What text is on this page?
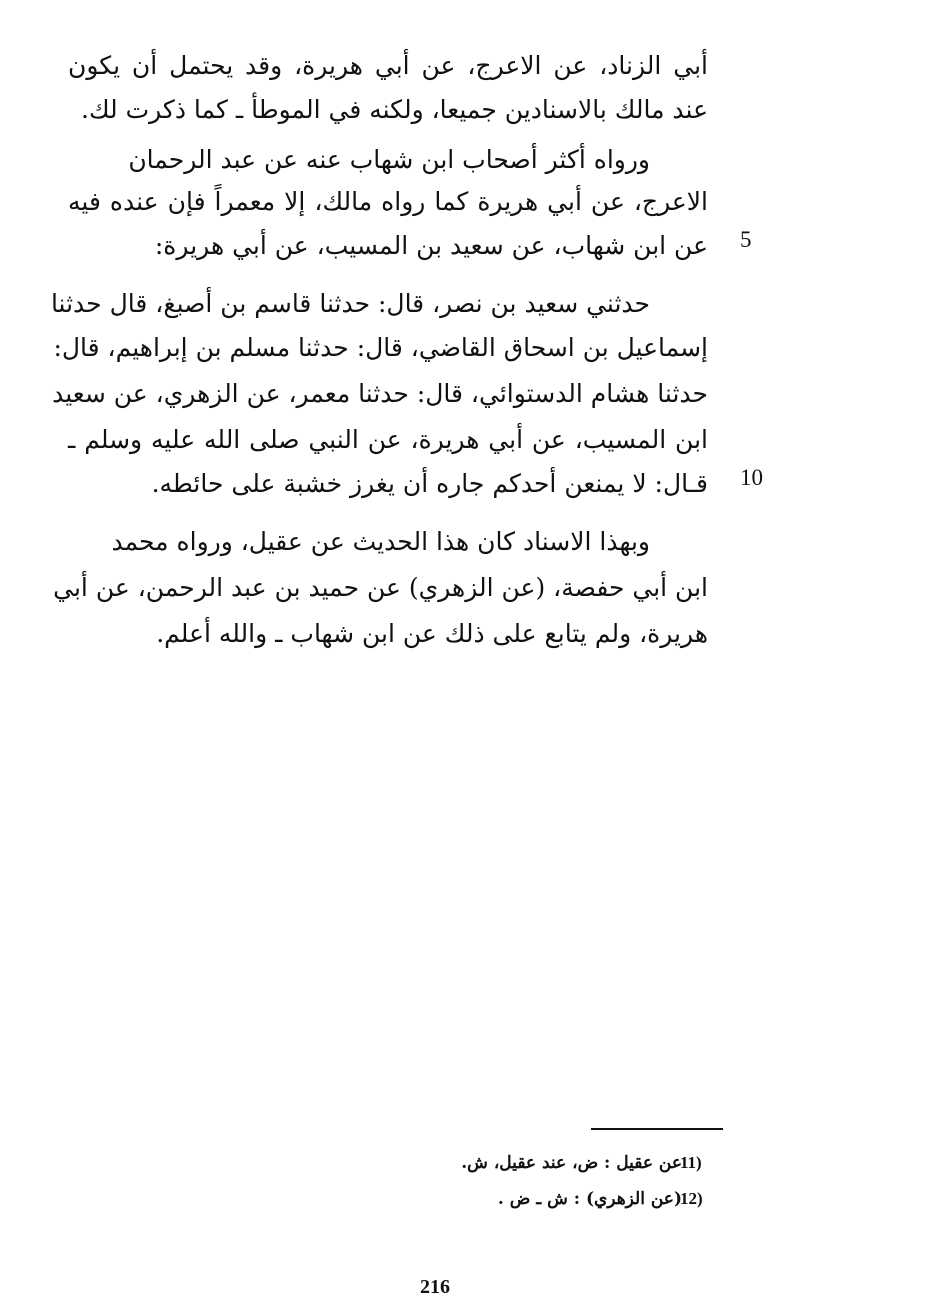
أبي الزناد، عن الاعرج، عن أبي هريرة، وقد يحتمل أن يكون
عند مالك بالاسنادين جميعا، ولكنه في الموطأ ـ كما ذكرت لك.
ورواه أكثر أصحاب ابن شهاب عنه عن عبد الرحمان
الاعرج، عن أبي هريرة كما رواه مالك، إلا معمراً فإن عنده فيه
عن ابن شهاب، عن سعيد بن المسيب، عن أبي هريرة: 5
حدثني سعيد بن نصر، قال: حدثنا قاسم بن أصبغ، قال حدثنا
إسماعيل بن اسحاق القاضي، قال: حدثنا مسلم بن إبراهيم، قال:
حدثنا هشام الدستوائي، قال: حدثنا معمر، عن الزهري، عن سعيد
ابن المسيب، عن أبي هريرة، عن النبي صلى الله عليه وسلم ـ
قـال: لا يمنعن أحدكم جاره أن يغرز خشبة على حائطه. 10
وبهذا الاسناد كان هذا الحديث عن عقيل، ورواه محمد
ابن أبي حفصة، (عن الزهري) عن حميد بن عبد الرحمن، عن أبي
هريرة، ولم يتابع على ذلك عن ابن شهاب ـ والله أعلم.
11)
عن عقيل : ض، عند عقيل، ش.
12)
(عن الزهري) : ش ـ ض .
216
